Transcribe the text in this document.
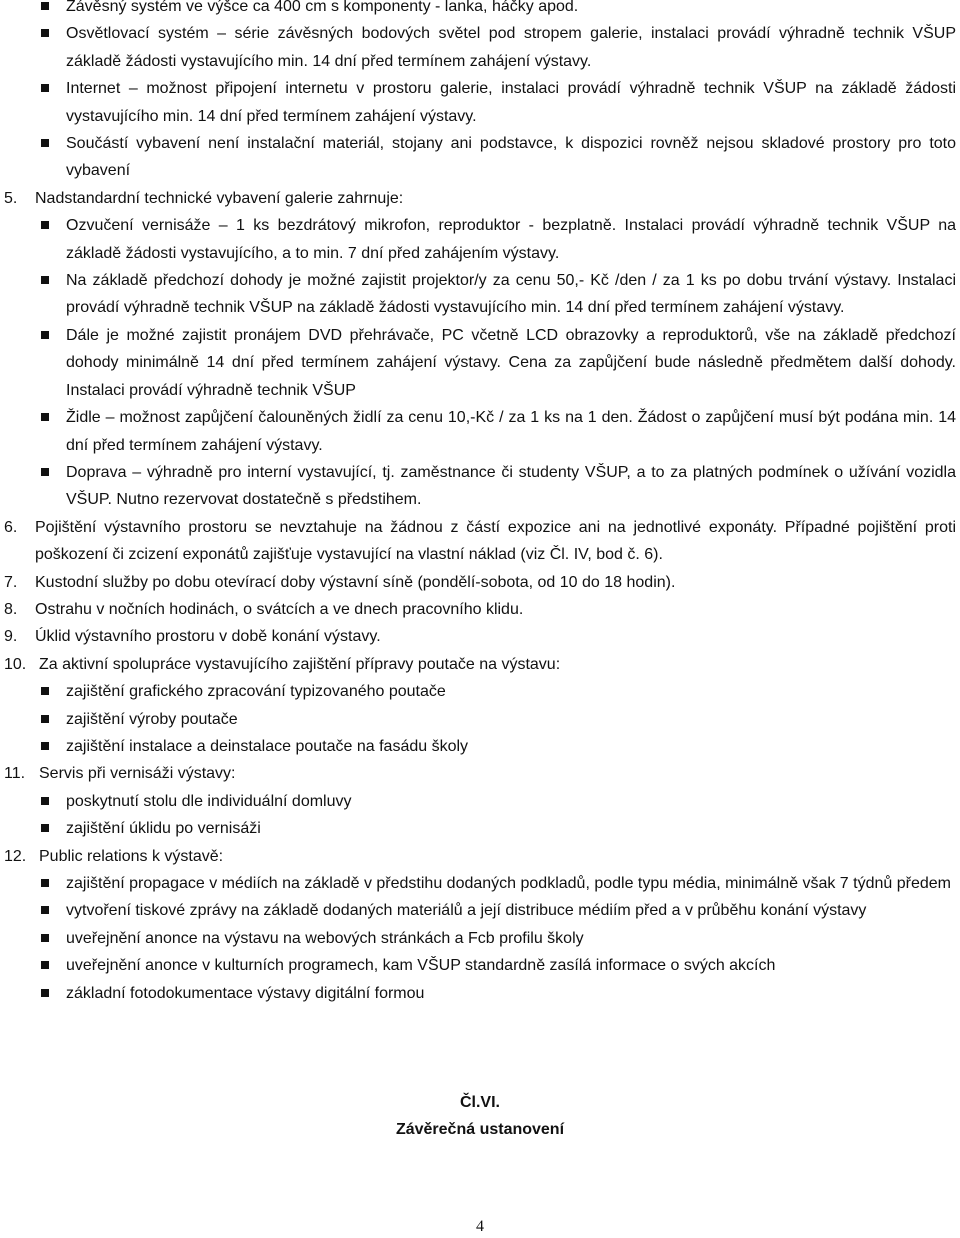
Závěsný systém ve výšce ca 400 cm s komponenty - lanka, háčky apod.
Osvětlovací systém – série závěsných bodových světel pod stropem galerie, instalaci provádí výhradně technik VŠUP základě žádosti vystavujícího min. 14 dní před termínem zahájení výstavy.
Internet – možnost připojení internetu v prostoru galerie, instalaci provádí výhradně technik VŠUP na základě žádosti vystavujícího min. 14 dní před termínem zahájení výstavy.
Součástí vybavení není instalační materiál, stojany ani podstavce, k dispozici rovněž nejsou skladové prostory pro toto vybavení
5. Nadstandardní technické vybavení galerie zahrnuje:
Ozvučení vernisáže – 1 ks bezdrátový mikrofon, reproduktor - bezplatně. Instalaci provádí výhradně technik VŠUP na základě žádosti vystavujícího, a to min. 7 dní před zahájením výstavy.
Na základě předchozí dohody je možné zajistit projektor/y za cenu 50,- Kč /den / za 1 ks po dobu trvání výstavy. Instalaci provádí výhradně technik VŠUP na základě žádosti vystavujícího min. 14 dní před termínem zahájení výstavy.
Dále je možné zajistit pronájem DVD přehrávače, PC včetně LCD obrazovky a reproduktorů, vše na základě předchozí dohody minimálně 14 dní před termínem zahájení výstavy. Cena za zapůjčení bude následně předmětem další dohody. Instalaci provádí výhradně technik VŠUP
Židle – možnost zapůjčení čalouněných židlí za cenu 10,-Kč / za 1 ks na 1 den. Žádost o zapůjčení musí být podána min. 14 dní před termínem zahájení výstavy.
Doprava – výhradně pro interní vystavující, tj. zaměstnance či studenty VŠUP, a to za platných podmínek o užívání vozidla VŠUP. Nutno rezervovat dostatečně s předstihem.
6. Pojištění výstavního prostoru se nevztahuje na žádnou z částí expozice ani na jednotlivé exponáty. Případné pojištění proti poškození či zcizení exponátů zajišťuje vystavující na vlastní náklad (viz Čl. IV, bod č. 6).
7. Kustodní služby po dobu otevírací doby výstavní síně (pondělí-sobota, od 10 do 18 hodin).
8. Ostrahu v nočních hodinách, o svátcích a ve dnech pracovního klidu.
9. Úklid výstavního prostoru v době konání výstavy.
10. Za aktivní spolupráce vystavujícího zajištění přípravy poutače na výstavu:
zajištění grafického zpracování typizovaného poutače
zajištění výroby poutače
zajištění instalace a deinstalace poutače na fasádu školy
11. Servis při vernisáži výstavy:
poskytnutí stolu dle individuální domluvy
zajištění úklidu po vernisáži
12. Public relations k výstavě:
zajištění propagace v médiích na základě v předstihu dodaných podkladů, podle typu média, minimálně však 7 týdnů předem
vytvoření tiskové zprávy na základě dodaných materiálů a její distribuce médiím před a v průběhu konání výstavy
uveřejnění anonce na výstavu na webových stránkách a Fcb profilu školy
uveřejnění anonce v kulturních programech, kam VŠUP standardně zasílá informace o svých akcích
základní fotodokumentace výstavy digitální formou
Čl.VI.
Závěrečná ustanovení
4
